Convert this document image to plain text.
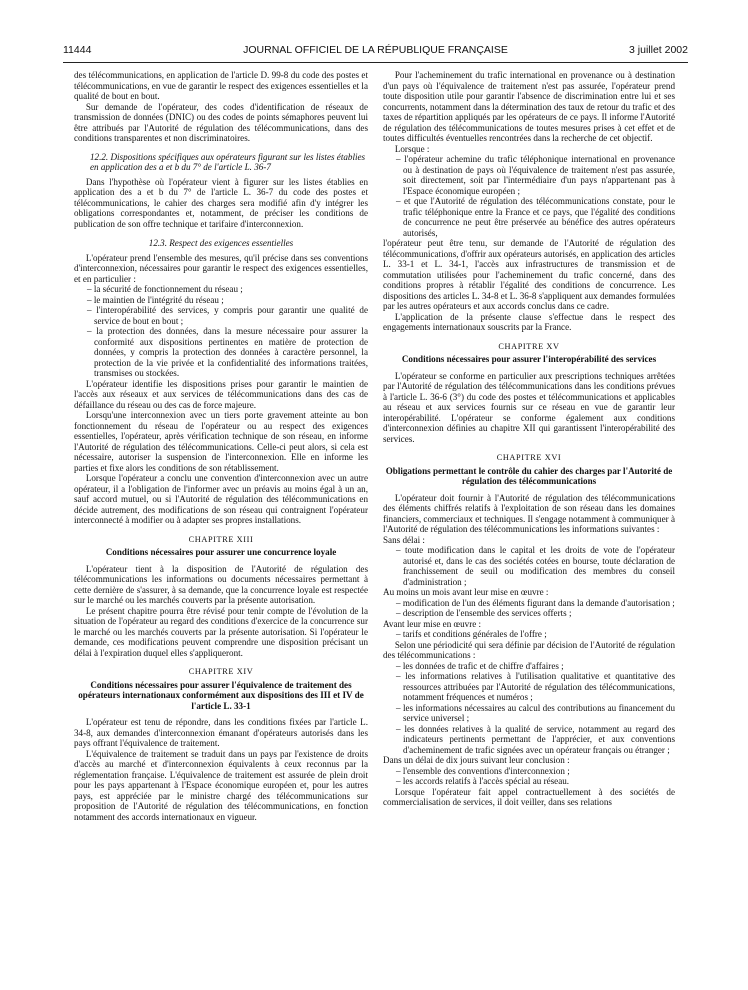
11444	JOURNAL OFFICIEL DE LA RÉPUBLIQUE FRANÇAISE	3 juillet 2002

des télécommunications, en application de l'article D. 99-8 du code des postes et télécommunications, en vue de garantir le respect des exigences essentielles et la qualité de bout en bout.

Sur demande de l'opérateur, des codes d'identification de réseaux de transmission de données (DNIC) ou des codes de points sémaphores peuvent lui être attribués par l'Autorité de régulation des télécommunications, dans des conditions transparentes et non discriminatoires.

12.2. Dispositions spécifiques aux opérateurs figurant sur les listes établies en application des a et b du 7° de l'article L. 36-7

Dans l'hypothèse où l'opérateur vient à figurer sur les listes établies en application des a et b du 7° de l'article L. 36-7 du code des postes et télécommunications, le cahier des charges sera modifié afin d'y intégrer les obligations correspondantes et, notamment, de préciser les conditions de publication de son offre technique et tarifaire d'interconnexion.

12.3. Respect des exigences essentielles

L'opérateur prend l'ensemble des mesures, qu'il précise dans ses conventions d'interconnexion, nécessaires pour garantir le respect des exigences essentielles, et en particulier :

– la sécurité de fonctionnement du réseau ;
– le maintien de l'intégrité du réseau ;
– l'interopérabilité des services, y compris pour garantir une qualité de service de bout en bout ;
– la protection des données, dans la mesure nécessaire pour assurer la conformité aux dispositions pertinentes en matière de protection de données, y compris la protection des données à caractère personnel, la protection de la vie privée et la confidentialité des informations traitées, transmises ou stockées.

L'opérateur identifie les dispositions prises pour garantir le maintien de l'accès aux réseaux et aux services de télécommunications dans des cas de défaillance du réseau ou des cas de force majeure.

Lorsqu'une interconnexion avec un tiers porte gravement atteinte au bon fonctionnement du réseau de l'opérateur ou au respect des exigences essentielles, l'opérateur, après vérification technique de son réseau, en informe l'Autorité de régulation des télécommunications. Celle-ci peut alors, si cela est nécessaire, autoriser la suspension de l'interconnexion. Elle en informe les parties et fixe alors les conditions de son rétablissement.

Lorsque l'opérateur a conclu une convention d'interconnexion avec un autre opérateur, il a l'obligation de l'informer avec un préavis au moins égal à un an, sauf accord mutuel, ou si l'Autorité de régulation des télécommunications en décide autrement, des modifications de son réseau qui contraignent l'opérateur interconnecté à modifier ou à adapter ses propres installations.

CHAPITRE XIII

Conditions nécessaires pour assurer une concurrence loyale

L'opérateur tient à la disposition de l'Autorité de régulation des télécommunications les informations ou documents nécessaires permettant à cette dernière de s'assurer, à sa demande, que la concurrence loyale est respectée sur le marché ou les marchés couverts par la présente autorisation.

Le présent chapitre pourra être révisé pour tenir compte de l'évolution de la situation de l'opérateur au regard des conditions d'exercice de la concurrence sur le marché ou les marchés couverts par la présente autorisation. Si l'opérateur le demande, ces modifications peuvent comprendre une disposition précisant un délai à l'expiration duquel elles s'appliqueront.

CHAPITRE XIV

Conditions nécessaires pour assurer l'équivalence de traitement des opérateurs internationaux conformément aux dispositions des III et IV de l'article L. 33-1

L'opérateur est tenu de répondre, dans les conditions fixées par l'article L. 34-8, aux demandes d'interconnexion émanant d'opérateurs autorisés dans les pays offrant l'équivalence de traitement.

L'équivalence de traitement se traduit dans un pays par l'existence de droits d'accès au marché et d'interconnexion équivalents à ceux reconnus par la réglementation française. L'équivalence de traitement est assurée de plein droit pour les pays appartenant à l'Espace économique européen et, pour les autres pays, est appréciée par le ministre chargé des télécommunications sur proposition de l'Autorité de régulation des télécommunications, en fonction notamment des accords internationaux en vigueur.

Pour l'acheminement du trafic international en provenance ou à destination d'un pays où l'équivalence de traitement n'est pas assurée, l'opérateur prend toute disposition utile pour garantir l'absence de discrimination entre lui et ses concurrents, notamment dans la détermination des taux de retour du trafic et des taxes de répartition appliqués par les opérateurs de ce pays. Il informe l'Autorité de régulation des télécommunications de toutes mesures prises à cet effet et de toutes difficultés éventuelles rencontrées dans la recherche de cet objectif.

Lorsque :

– l'opérateur achemine du trafic téléphonique international en provenance ou à destination de pays où l'équivalence de traitement n'est pas assurée, soit directement, soit par l'intermédiaire d'un pays n'appartenant pas à l'Espace économique européen ;
– et que l'Autorité de régulation des télécommunications constate, pour le trafic téléphonique entre la France et ce pays, que l'égalité des conditions de concurrence ne peut être préservée au bénéfice des autres opérateurs autorisés,

l'opérateur peut être tenu, sur demande de l'Autorité de régulation des télécommunications, d'offrir aux opérateurs autorisés, en application des articles L. 33-1 et L. 34-1, l'accès aux infrastructures de transmission et de commutation utilisées pour l'acheminement du trafic concerné, dans des conditions propres à rétablir l'égalité des conditions de concurrence. Les dispositions des articles L. 34-8 et L. 36-8 s'appliquent aux demandes formulées par les autres opérateurs et aux accords conclus dans ce cadre.

L'application de la présente clause s'effectue dans le respect des engagements internationaux souscrits par la France.

CHAPITRE XV

Conditions nécessaires pour assurer l'interopérabilité des services

L'opérateur se conforme en particulier aux prescriptions techniques arrêtées par l'Autorité de régulation des télécommunications dans les conditions prévues à l'article L. 36-6 (3°) du code des postes et télécommunications et applicables au réseau et aux services fournis sur ce réseau en vue de garantir leur interopérabilité. L'opérateur se conforme également aux conditions d'interconnexion définies au chapitre XII qui garantissent l'interopérabilité des services.

CHAPITRE XVI

Obligations permettant le contrôle du cahier des charges par l'Autorité de régulation des télécommunications

L'opérateur doit fournir à l'Autorité de régulation des télécommunications des éléments chiffrés relatifs à l'exploitation de son réseau dans les domaines financiers, commerciaux et techniques. Il s'engage notamment à communiquer à l'Autorité de régulation des télécommunications les informations suivantes :

Sans délai :

– toute modification dans le capital et les droits de vote de l'opérateur autorisé et, dans le cas des sociétés cotées en bourse, toute déclaration de franchissement de seuil ou modification des membres du conseil d'administration ;

Au moins un mois avant leur mise en œuvre :

– modification de l'un des éléments figurant dans la demande d'autorisation ;
– description de l'ensemble des services offerts ;

Avant leur mise en œuvre :

– tarifs et conditions générales de l'offre ;

Selon une périodicité qui sera définie par décision de l'Autorité de régulation des télécommunications :

– les données de trafic et de chiffre d'affaires ;
– les informations relatives à l'utilisation qualitative et quantitative des ressources attribuées par l'Autorité de régulation des télécommunications, notamment fréquences et numéros ;
– les informations nécessaires au calcul des contributions au financement du service universel ;
– les données relatives à la qualité de service, notamment au regard des indicateurs pertinents permettant de l'apprécier, et aux conventions d'acheminement de trafic signées avec un opérateur français ou étranger ;

Dans un délai de dix jours suivant leur conclusion :

– l'ensemble des conventions d'interconnexion ;
– les accords relatifs à l'accès spécial au réseau.

Lorsque l'opérateur fait appel contractuellement à des sociétés de commercialisation de services, il doit veiller, dans ses relations
